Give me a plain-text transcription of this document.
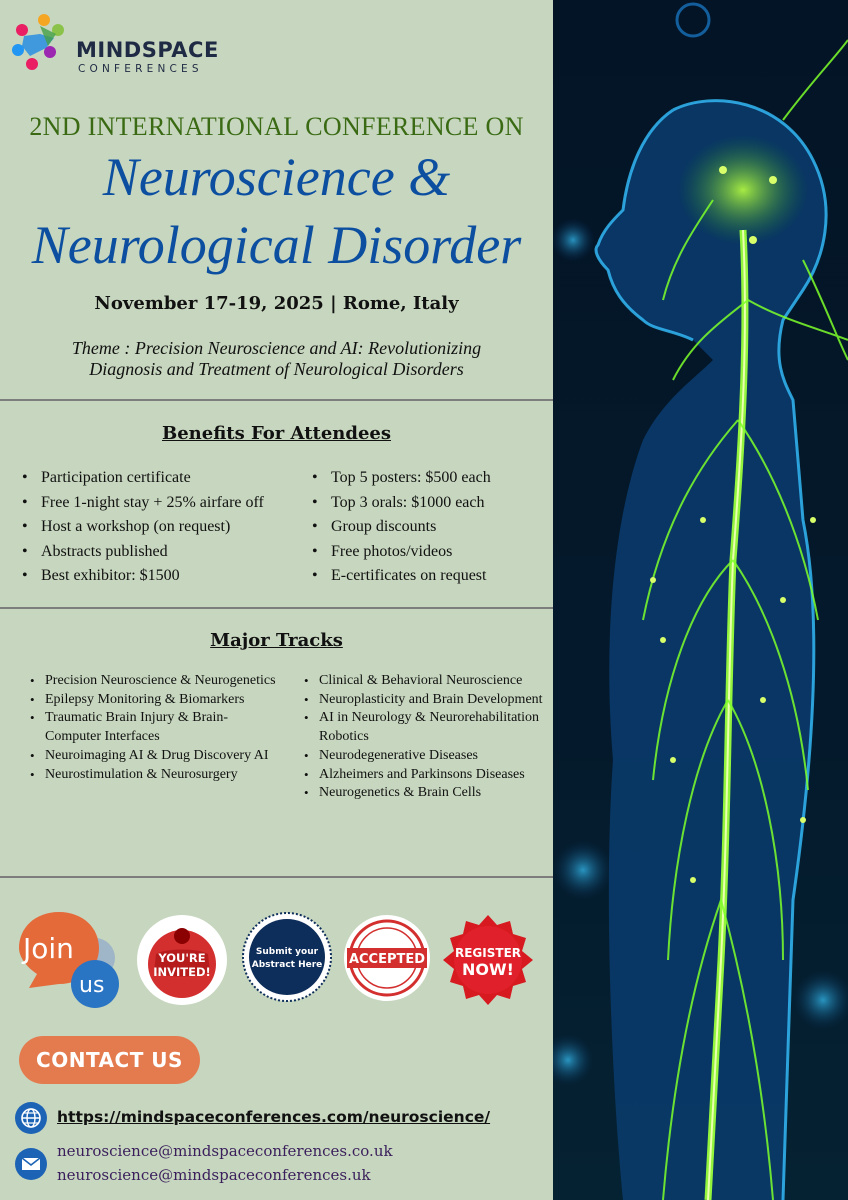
MINDSPACE
CONFERENCES
2ND INTERNATIONAL CONFERENCE ON
Neuroscience &
Neurological Disorder
November 17-19, 2025 | Rome, Italy
Theme : Precision Neuroscience and AI: Revolutionizing Diagnosis and Treatment of Neurological Disorders
Benefits For Attendees
• Participation certificate
• Free 1-night stay + 25% airfare off
• Host a workshop (on request)
• Abstracts published
• Best exhibitor: $1500
• Top 5 posters: $500 each
• Top 3 orals: $1000 each
• Group discounts
• Free photos/videos
• E-certificates on request
Major Tracks
• Precision Neuroscience & Neurogenetics
• Epilepsy Monitoring & Biomarkers
• Traumatic Brain Injury & Brain-Computer Interfaces
• Neuroimaging AI & Drug Discovery AI
• Neurostimulation & Neurosurgery
• Clinical & Behavioral Neuroscience
• Neuroplasticity and Brain Development
• AI in Neurology & Neurorehabilitation Robotics
• Neurodegenerative Diseases
• Alzheimers and Parkinsons Diseases
• Neurogenetics & Brain Cells
Join
us
YOU'RE
INVITED!
Submit your
Abstract Here ACCEPTED REGISTER
NOW!
CONTACT US
https://mindspaceconferences.com/neuroscience/
neuroscience@mindspaceconferences.co.uk
neuroscience@mindspaceconferences.uk
